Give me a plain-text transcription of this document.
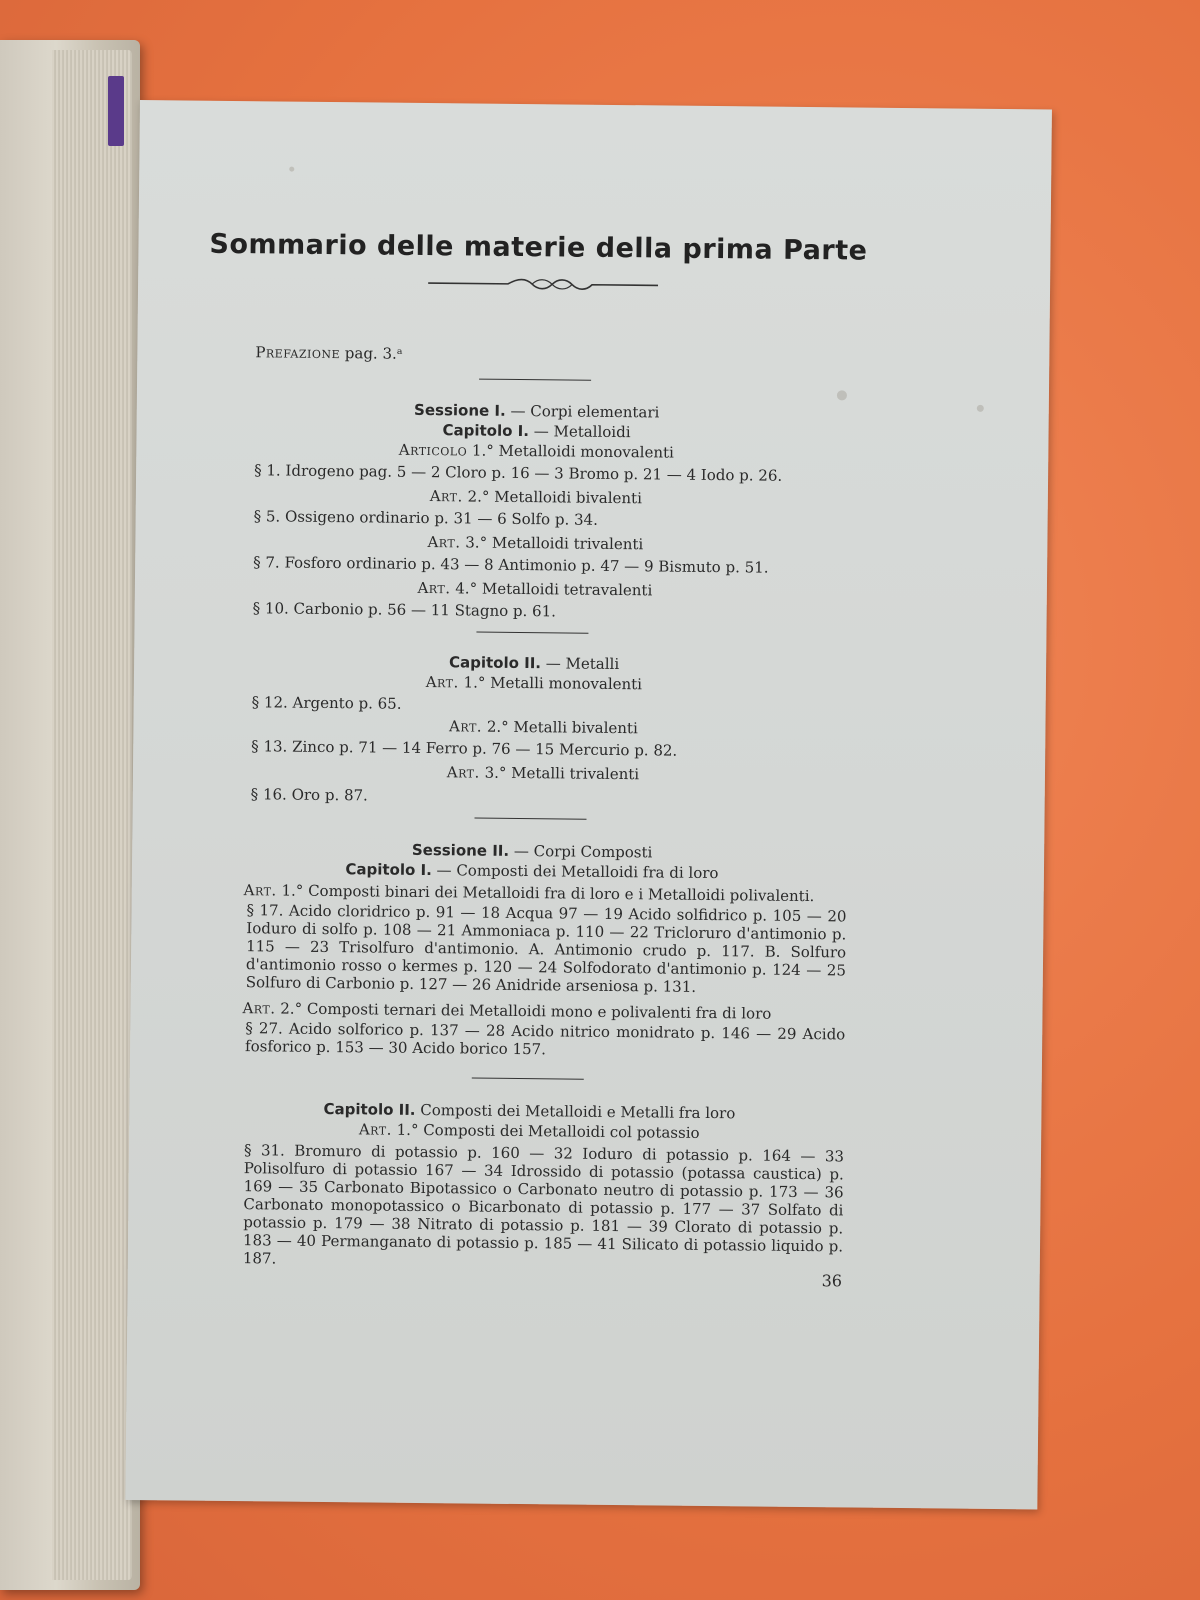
Sommario delle materie della prima Parte
Prefazione pag. 3.ᵃ
Sessione I. — Corpi elementari
Capitolo I. — Metalloidi
Articolo 1.° Metalloidi monovalenti
§ 1. Idrogeno pag. 5 — 2 Cloro p. 16 — 3 Bromo p. 21 — 4 Iodo p. 26.
Art. 2.° Metalloidi bivalenti
§ 5. Ossigeno ordinario p. 31 — 6 Solfo p. 34.
Art. 3.° Metalloidi trivalenti
§ 7. Fosforo ordinario p. 43 — 8 Antimonio p. 47 — 9 Bismuto p. 51.
Art. 4.° Metalloidi tetravalenti
§ 10. Carbonio p. 56 — 11 Stagno p. 61.
Capitolo II. — Metalli
Art. 1.° Metalli monovalenti
§ 12. Argento p. 65.
Art. 2.° Metalli bivalenti
§ 13. Zinco p. 71 — 14 Ferro p. 76 — 15 Mercurio p. 82.
Art. 3.° Metalli trivalenti
§ 16. Oro p. 87.
Sessione II. — Corpi Composti
Capitolo I. — Composti dei Metalloidi fra di loro
Art. 1.° Composti binari dei Metalloidi fra di loro e i Metalloidi polivalenti.
§ 17. Acido cloridrico p. 91 — 18 Acqua 97 — 19 Acido solfidrico p. 105 — 20 Ioduro di solfo p. 108 — 21 Ammoniaca p. 110 — 22 Tricloruro d'antimonio p. 115 — 23 Trisolfuro d'antimonio. A. Antimonio crudo p. 117. B. Solfuro d'antimonio rosso o kermes p. 120 — 24 Solfodorato d'antimonio p. 124 — 25 Solfuro di Carbonio p. 127 — 26 Anidride arseniosa p. 131.
Art. 2.° Composti ternari dei Metalloidi mono e polivalenti fra di loro
§ 27. Acido solforico p. 137 — 28 Acido nitrico monidrato p. 146 — 29 Acido fosforico p. 153 — 30 Acido borico 157.
Capitolo II. Composti dei Metalloidi e Metalli fra loro
Art. 1.° Composti dei Metalloidi col potassio
§ 31. Bromuro di potassio p. 160 — 32 Ioduro di potassio p. 164 — 33 Polisolfuro di potassio 167 — 34 Idrossido di potassio (potassa caustica) p. 169 — 35 Carbonato Bipotassico o Carbonato neutro di potassio p. 173 — 36 Carbonato monopotassico o Bicarbonato di potassio p. 177 — 37 Solfato di potassio p. 179 — 38 Nitrato di potassio p. 181 — 39 Clorato di potassio p. 183 — 40 Permanganato di potassio p. 185 — 41 Silicato di potassio liquido p. 187.
36
